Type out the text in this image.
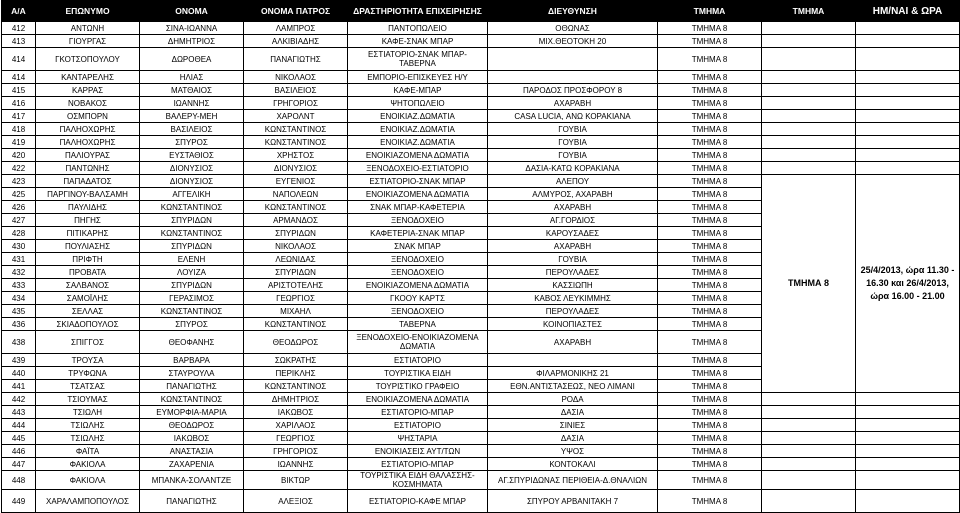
Α/Α	ΕΠΩΝΥΜΟ	ΟΝΟΜΑ	ΟΝΟΜΑ ΠΑΤΡΟΣ	ΔΡΑΣΤΗΡΙΟΤΗΤΑ ΕΠΙΧΕΙΡΗΣΗΣ	ΔΙΕΥΘΥΝΣΗ	ΤΜΗΜΑ	ΤΜΗΜΑ	ΗΜ/ΝΑΙ & ΩΡΑ
412	ΑΝΤΩΝΗ	ΣΙΝΑ-ΙΩΑΝΝΑ	ΛΑΜΠΡΟΣ	ΠΑΝΤΟΠΩΛΕΙΟ	ΟΘΩΝΑΣ	ΤΜΗΜΑ 8		
413	ΓΙΟΥΡΓΑΣ	ΔΗΜΗΤΡΙΟΣ	ΑΛΚΙΒΙΑΔΗΣ	ΚΑΦΕ-ΣΝΑΚ ΜΠΑΡ	ΜΙΧ.ΘΕΟΤΟΚΗ 20	ΤΜΗΜΑ 8		
414	ΓΚΟΤΣΟΠΟΥΛΟΥ	ΔΩΡΟΘΕΑ	ΠΑΝΑΓΙΩΤΗΣ	ΕΣΤΙΑΤΟΡΙΟ-ΣΝΑΚ ΜΠΑΡ-ΤΑΒΕΡΝΑ		ΤΜΗΜΑ 8		
414	ΚΑΝΤΑΡΕΛΗΣ	ΗΛΙΑΣ	ΝΙΚΟΛΑΟΣ	ΕΜΠΟΡΙΟ-ΕΠΙΣΚΕΥΕΣ Η/Υ		ΤΜΗΜΑ 8		
415	ΚΑΡΡΑΣ	ΜΑΤΘΑΙΟΣ	ΒΑΣΙΛΕΙΟΣ	ΚΑΦΕ-ΜΠΑΡ	ΠΑΡΟΔΟΣ ΠΡΟΣΦΟΡΟΥ 8	ΤΜΗΜΑ 8		
416	ΝΟΒΑΚΟΣ	ΙΩΑΝΝΗΣ	ΓΡΗΓΟΡΙΟΣ	ΨΗΤΟΠΩΛΕΙΟ	ΑΧΑΡΑΒΗ	ΤΜΗΜΑ 8		
417	ΟΣΜΠΟΡΝ	ΒΑΛΕΡΥ-ΜΕΗ	ΧΑΡΟΛΝΤ	ΕΝΟΙΚΙΑΖ.ΔΩΜΑΤΙΑ	CASA LUCIA, ΑΝΩ ΚΟΡΑΚΙΑΝΑ	ΤΜΗΜΑ 8		
418	ΠΑΛΗΟΧΩΡΗΣ	ΒΑΣΙΛΕΙΟΣ	ΚΩΝΣΤΑΝΤΙΝΟΣ	ΕΝΟΙΚΙΑΖ.ΔΩΜΑΤΙΑ	ΓΟΥΒΙΑ	ΤΜΗΜΑ 8		
419	ΠΑΛΗΟΧΩΡΗΣ	ΣΠΥΡΟΣ	ΚΩΝΣΤΑΝΤΙΝΟΣ	ΕΝΟΙΚΙΑΖ.ΔΩΜΑΤΙΑ	ΓΟΥΒΙΑ	ΤΜΗΜΑ 8		
420	ΠΑΛΙΟΥΡΑΣ	ΕΥΣΤΑΘΙΟΣ	ΧΡΗΣΤΟΣ	ΕΝΟΙΚΙΑΖΟΜΕΝΑ ΔΩΜΑΤΙΑ	ΓΟΥΒΙΑ	ΤΜΗΜΑ 8		
422	ΠΑΝΤΩΝΗΣ	ΔΙΟΝΥΣΙΟΣ	ΔΙΟΝΥΣΙΟΣ	ΞΕΝΟΔΟΧΕΙΟ-ΕΣΤΙΑΤΟΡΙΟ	ΔΑΣΙΑ-ΚΑΤΩ ΚΟΡΑΚΙΑΝΑ	ΤΜΗΜΑ 8		
423	ΠΑΠΑΔΑΤΟΣ	ΔΙΟΝΥΣΙΟΣ	ΕΥΓΕΝΙΟΣ	ΕΣΤΙΑΤΟΡΙΟ-ΣΝΑΚ ΜΠΑΡ	ΑΛΕΠΟΥ	ΤΜΗΜΑ 8	ΤΜΗΜΑ 8	25/4/2013, ώρα 11.30 - 16.30 και 26/4/2013, ώρα 16.00 - 21.00
425	ΠΑΡΓΙΝΟΥ-ΒΑΛΣΑΜΗ	ΑΓΓΕΛΙΚΗ	ΝΑΠΟΛΕΩΝ	ΕΝΟΙΚΙΑΖΟΜΕΝΑ ΔΩΜΑΤΙΑ	ΑΛΜΥΡΟΣ, ΑΧΑΡΑΒΗ	ΤΜΗΜΑ 8		
426	ΠΑΥΛΙΔΗΣ	ΚΩΝΣΤΑΝΤΙΝΟΣ	ΚΩΝΣΤΑΝΤΙΝΟΣ	ΣΝΑΚ ΜΠΑΡ-ΚΑΦΕΤΕΡΙΑ	ΑΧΑΡΑΒΗ	ΤΜΗΜΑ 8		
427	ΠΗΓΗΣ	ΣΠΥΡΙΔΩΝ	ΑΡΜΑΝΔΟΣ	ΞΕΝΟΔΟΧΕΙΟ	ΑΓ.ΓΟΡΔΙΟΣ	ΤΜΗΜΑ 8		
428	ΠΙΤΙΚΑΡΗΣ	ΚΩΝΣΤΑΝΤΙΝΟΣ	ΣΠΥΡΙΔΩΝ	ΚΑΦΕΤΕΡΙΑ-ΣΝΑΚ ΜΠΑΡ	ΚΑΡΟΥΣΑΔΕΣ	ΤΜΗΜΑ 8		
430	ΠΟΥΛΙΑΣΗΣ	ΣΠΥΡΙΔΩΝ	ΝΙΚΟΛΑΟΣ	ΣΝΑΚ ΜΠΑΡ	ΑΧΑΡΑΒΗ	ΤΜΗΜΑ 8		
431	ΠΡΙΦΤΗ	ΕΛΕΝΗ	ΛΕΩΝΙΔΑΣ	ΞΕΝΟΔΟΧΕΙΟ	ΓΟΥΒΙΑ	ΤΜΗΜΑ 8		
432	ΠΡΟΒΑΤΑ	ΛΟΥΙΖΑ	ΣΠΥΡΙΔΩΝ	ΞΕΝΟΔΟΧΕΙΟ	ΠΕΡΟΥΛΑΔΕΣ	ΤΜΗΜΑ 8		
433	ΣΑΛΒΑΝΟΣ	ΣΠΥΡΙΔΩΝ	ΑΡΙΣΤΟΤΕΛΗΣ	ΕΝΟΙΚΙΑΖΟΜΕΝΑ ΔΩΜΑΤΙΑ	ΚΑΣΣΙΩΠΗ	ΤΜΗΜΑ 8		
434	ΣΑΜΟΪΛΗΣ	ΓΕΡΑΣΙΜΟΣ	ΓΕΩΡΓΙΟΣ	ΓΚΟΟΥ ΚΑΡΤΣ	ΚΑΒΟΣ ΛΕΥΚΙΜΜΗΣ	ΤΜΗΜΑ 8		
435	ΣΕΛΛΑΣ	ΚΩΝΣΤΑΝΤΙΝΟΣ	ΜΙΧΑΗΛ	ΞΕΝΟΔΟΧΕΙΟ	ΠΕΡΟΥΛΑΔΕΣ	ΤΜΗΜΑ 8		
436	ΣΚΙΑΔΟΠΟΥΛΟΣ	ΣΠΥΡΟΣ	ΚΩΝΣΤΑΝΤΙΝΟΣ	ΤΑΒΕΡΝΑ	ΚΟΙΝΟΠΙΑΣΤΕΣ	ΤΜΗΜΑ 8		
438	ΣΠΙΓΓΟΣ	ΘΕΟΦΑΝΗΣ	ΘΕΟΔΩΡΟΣ	ΞΕΝΟΔΟΧΕΙΟ-ΕΝΟΙΚΙΑΖΟΜΕΝΑ ΔΩΜΑΤΙΑ	ΑΧΑΡΑΒΗ	ΤΜΗΜΑ 8		
439	ΤΡΟΥΣΑ	ΒΑΡΒΑΡΑ	ΣΩΚΡΑΤΗΣ	ΕΣΤΙΑΤΟΡΙΟ		ΤΜΗΜΑ 8		
440	ΤΡΥΦΩΝΑ	ΣΤΑΥΡΟΥΛΑ	ΠΕΡΙΚΛΗΣ	ΤΟΥΡΙΣΤΙΚΑ ΕΙΔΗ	ΦΙΛΑΡΜΟΝΙΚΗΣ 21	ΤΜΗΜΑ 8		
441	ΤΣΑΤΣΑΣ	ΠΑΝΑΓΙΩΤΗΣ	ΚΩΝΣΤΑΝΤΙΝΟΣ	ΤΟΥΡΙΣΤΙΚΟ ΓΡΑΦΕΙΟ	ΕΘΝ.ΑΝΤΙΣΤΑΣΕΩΣ, ΝΕΟ ΛΙΜΑΝΙ	ΤΜΗΜΑ 8		
442	ΤΣΙΟΥΜΑΣ	ΚΩΝΣΤΑΝΤΙΝΟΣ	ΔΗΜΗΤΡΙΟΣ	ΕΝΟΙΚΙΑΖΟΜΕΝΑ ΔΩΜΑΤΙΑ	ΡΟΔΑ	ΤΜΗΜΑ 8		
443	ΤΣΙΩΛΗ	ΕΥΜΟΡΦΙΑ-ΜΑΡΙΑ	ΙΑΚΩΒΟΣ	ΕΣΤΙΑΤΟΡΙΟ-ΜΠΑΡ	ΔΑΣΙΑ	ΤΜΗΜΑ 8		
444	ΤΣΙΩΛΗΣ	ΘΕΟΔΩΡΟΣ	ΧΑΡΙΛΑΟΣ	ΕΣΤΙΑΤΟΡΙΟ	ΣΙΝΙΕΣ	ΤΜΗΜΑ 8		
445	ΤΣΙΩΛΗΣ	ΙΑΚΩΒΟΣ	ΓΕΩΡΓΙΟΣ	ΨΗΣΤΑΡΙΑ	ΔΑΣΙΑ	ΤΜΗΜΑ 8		
446	ΦΑΪΤΑ	ΑΝΑΣΤΑΣΙΑ	ΓΡΗΓΟΡΙΟΣ	ΕΝΟΙΚΙΑΣΕΙΣ ΑΥΤ/ΤΩΝ	ΥΨΟΣ	ΤΜΗΜΑ 8		
447	ΦΑΚΙΟΛΑ	ΖΑΧΑΡΕΝΙΑ	ΙΩΑΝΝΗΣ	ΕΣΤΙΑΤΟΡΙΟ-ΜΠΑΡ	ΚΟΝΤΟΚΑΛΙ	ΤΜΗΜΑ 8		
448	ΦΑΚΙΟΛΑ	ΜΠΑΝΚΑ-ΣΟΛΑΝΤΖΕ	ΒΙΚΤΩΡ	ΤΟΥΡΙΣΤΙΚΑ ΕΙΔΗ ΘΑΛΑΣΣΗΣ-ΚΟΣΜΗΜΑΤΑ	ΑΓ.ΣΠΥΡΙΔΩΝΑΣ ΠΕΡΙΘΕΙΑ-Δ.ΘΝΑΛΙΩΝ	ΤΜΗΜΑ 8		
449	ΧΑΡΑΛΑΜΠΟΠΟΥΛΟΣ	ΠΑΝΑΓΙΩΤΗΣ	ΑΛΕΞΙΟΣ	ΕΣΤΙΑΤΟΡΙΟ-ΚΑΦΕ ΜΠΑΡ	ΣΠΥΡΟΥ ΑΡΒΑΝΙΤΑΚΗ 7	ΤΜΗΜΑ 8		
